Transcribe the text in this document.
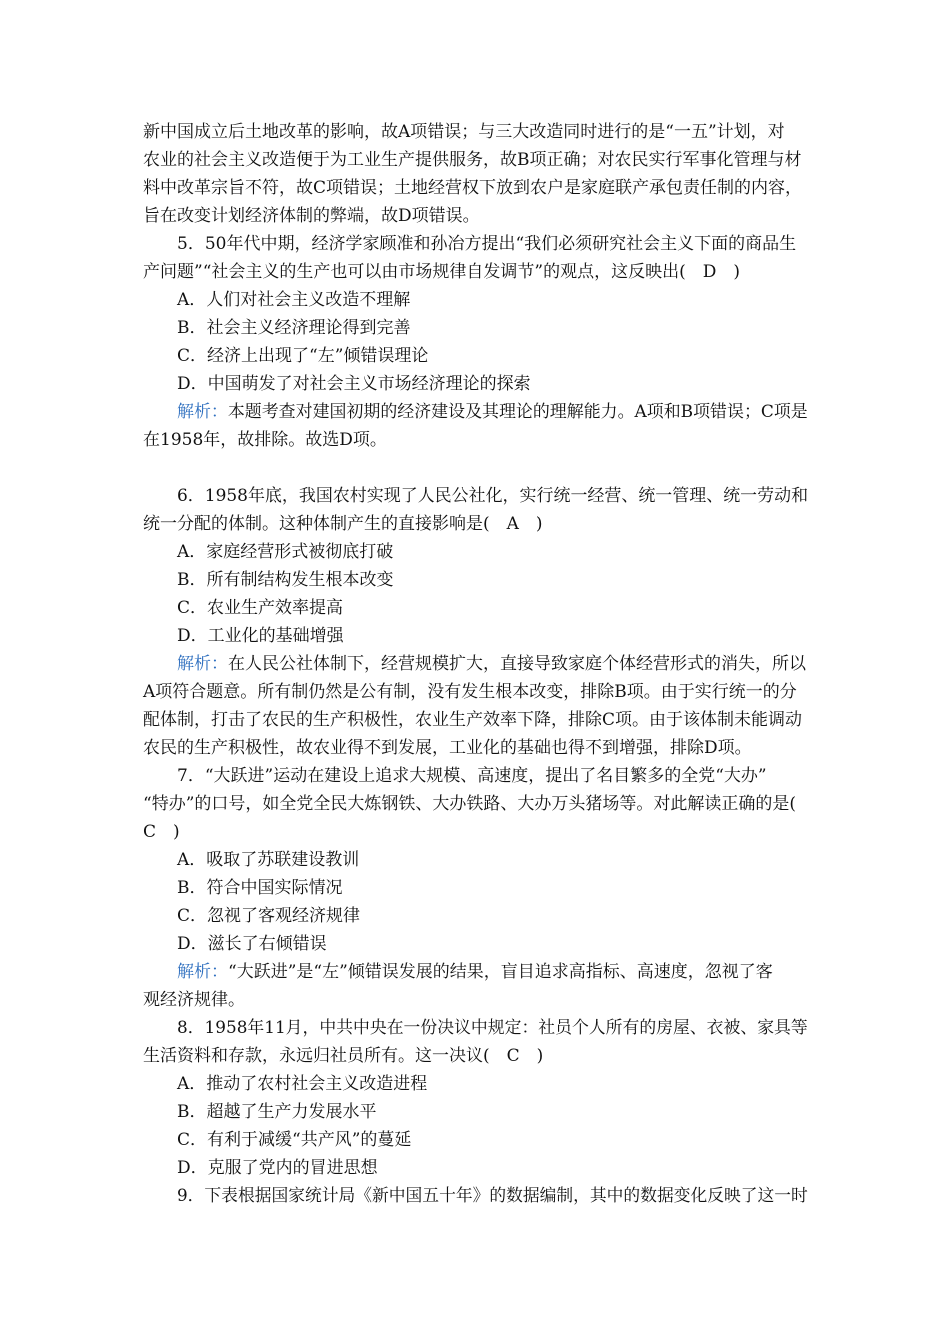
新中国成立后土地改革的影响，故A项错误；与三大改造同时进行的是“一五”计划，对
农业的社会主义改造便于为工业生产提供服务，故B项正确；对农民实行军事化管理与材
料中改革宗旨不符，故C项错误；土地经营权下放到农户是家庭联产承包责任制的内容，
旨在改变计划经济体制的弊端，故D项错误。
5．50年代中期，经济学家顾准和孙冶方提出“我们必须研究社会主义下面的商品生
产问题”“社会主义的生产也可以由市场规律自发调节”的观点，这反映出(　D　)
A．人们对社会主义改造不理解
B．社会主义经济理论得到完善
C．经济上出现了“左”倾错误理论
D．中国萌发了对社会主义市场经济理论的探索
解析：本题考查对建国初期的经济建设及其理论的理解能力。A项和B项错误；C项是
在1958年，故排除。故选D项。
6．1958年底，我国农村实现了人民公社化，实行统一经营、统一管理、统一劳动和
统一分配的体制。这种体制产生的直接影响是(　A　)
A．家庭经营形式被彻底打破
B．所有制结构发生根本改变
C．农业生产效率提高
D．工业化的基础增强
解析：在人民公社体制下，经营规模扩大，直接导致家庭个体经营形式的消失，所以
A项符合题意。所有制仍然是公有制，没有发生根本改变，排除B项。由于实行统一的分
配体制，打击了农民的生产积极性，农业生产效率下降，排除C项。由于该体制未能调动
农民的生产积极性，故农业得不到发展，工业化的基础也得不到增强，排除D项。
7．“大跃进”运动在建设上追求大规模、高速度，提出了名目繁多的全党“大办”
“特办”的口号，如全党全民大炼钢铁、大办铁路、大办万头猪场等。对此解读正确的是(
C　)
A．吸取了苏联建设教训
B．符合中国实际情况
C．忽视了客观经济规律
D．滋长了右倾错误
解析：“大跃进”是“左”倾错误发展的结果，盲目追求高指标、高速度，忽视了客
观经济规律。
8．1958年11月，中共中央在一份决议中规定：社员个人所有的房屋、衣被、家具等
生活资料和存款，永远归社员所有。这一决议(　C　)
A．推动了农村社会主义改造进程
B．超越了生产力发展水平
C．有利于减缓“共产风”的蔓延
D．克服了党内的冒进思想
9．下表根据国家统计局《新中国五十年》的数据编制，其中的数据变化反映了这一时
